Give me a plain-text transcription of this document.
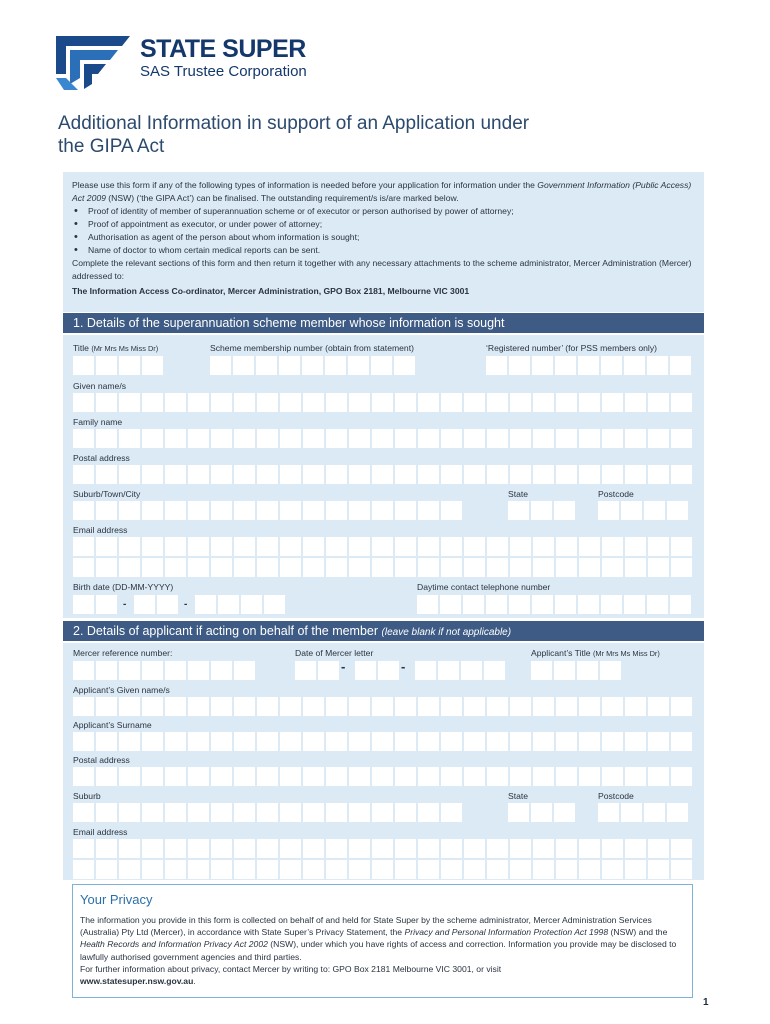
STATE SUPER
SAS Trustee Corporation
Additional Information in support of an Application under
the GIPA Act

Please use this form if any of the following types of information is needed before your application for information under the Government Information (Public Access) Act 2009 (NSW) (‘the GIPA Act’) can be finalised. The outstanding requirement/s is/are marked below.

• Proof of identity of member of superannuation scheme or of executor or person authorised by power of attorney;
• Proof of appointment as executor, or under power of attorney;
• Authorisation as agent of the person about whom information is sought;
• Name of doctor to whom certain medical reports can be sent.

Complete the relevant sections of this form and then return it together with any necessary attachments to the scheme administrator, Mercer Administration (Mercer) addressed to:

The Information Access Co-ordinator, Mercer Administration, GPO Box 2181, Melbourne VIC 3001

1. Details of the superannuation scheme member whose information is sought
Title (Mr Mrs Ms Miss Dr)	Scheme membership number (obtain from statement)	‘Registered number’ (for PSS members only)
Given name/s
Family name
Postal address
Suburb/Town/City	State	Postcode
Email address
Birth date (DD-MM-YYYY)	Daytime contact telephone number
-	-
2. Details of applicant if acting on behalf of the member (leave blank if not applicable)
Mercer reference number:	Date of Mercer letter	Applicant’s Title (Mr Mrs Ms Miss Dr)
-	-
Applicant’s Given name/s
Applicant’s Surname
Postal address
Suburb	State	Postcode
Email address
Your Privacy

The information you provide in this form is collected on behalf of and held for State Super by the scheme administrator, Mercer Administration Services (Australia) Pty Ltd (Mercer), in accordance with State Super’s Privacy Statement, the Privacy and Personal Information Protection Act 1998 (NSW) and the Health Records and Information Privacy Act 2002 (NSW), under which you have rights of access and correction. Information you provide may be disclosed to lawfully authorised government agencies and third parties.

For further information about privacy, contact Mercer by writing to: GPO Box 2181 Melbourne VIC 3001, or visit

www.statesuper.nsw.gov.au.

1
